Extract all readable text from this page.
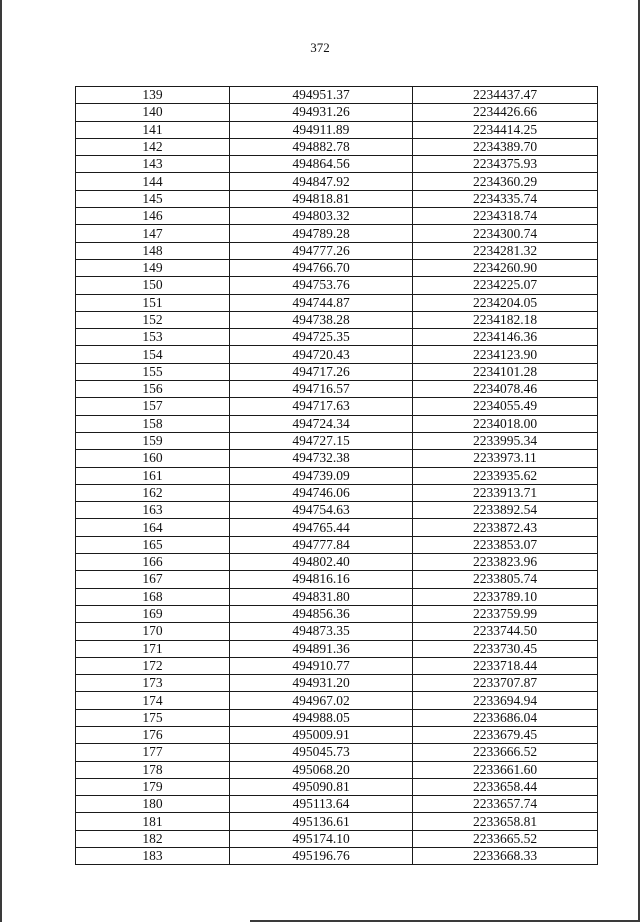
372
139	494951.37	2234437.47
140	494931.26	2234426.66
141	494911.89	2234414.25
142	494882.78	2234389.70
143	494864.56	2234375.93
144	494847.92	2234360.29
145	494818.81	2234335.74
146	494803.32	2234318.74
147	494789.28	2234300.74
148	494777.26	2234281.32
149	494766.70	2234260.90
150	494753.76	2234225.07
151	494744.87	2234204.05
152	494738.28	2234182.18
153	494725.35	2234146.36
154	494720.43	2234123.90
155	494717.26	2234101.28
156	494716.57	2234078.46
157	494717.63	2234055.49
158	494724.34	2234018.00
159	494727.15	2233995.34
160	494732.38	2233973.11
161	494739.09	2233935.62
162	494746.06	2233913.71
163	494754.63	2233892.54
164	494765.44	2233872.43
165	494777.84	2233853.07
166	494802.40	2233823.96
167	494816.16	2233805.74
168	494831.80	2233789.10
169	494856.36	2233759.99
170	494873.35	2233744.50
171	494891.36	2233730.45
172	494910.77	2233718.44
173	494931.20	2233707.87
174	494967.02	2233694.94
175	494988.05	2233686.04
176	495009.91	2233679.45
177	495045.73	2233666.52
178	495068.20	2233661.60
179	495090.81	2233658.44
180	495113.64	2233657.74
181	495136.61	2233658.81
182	495174.10	2233665.52
183	495196.76	2233668.33
